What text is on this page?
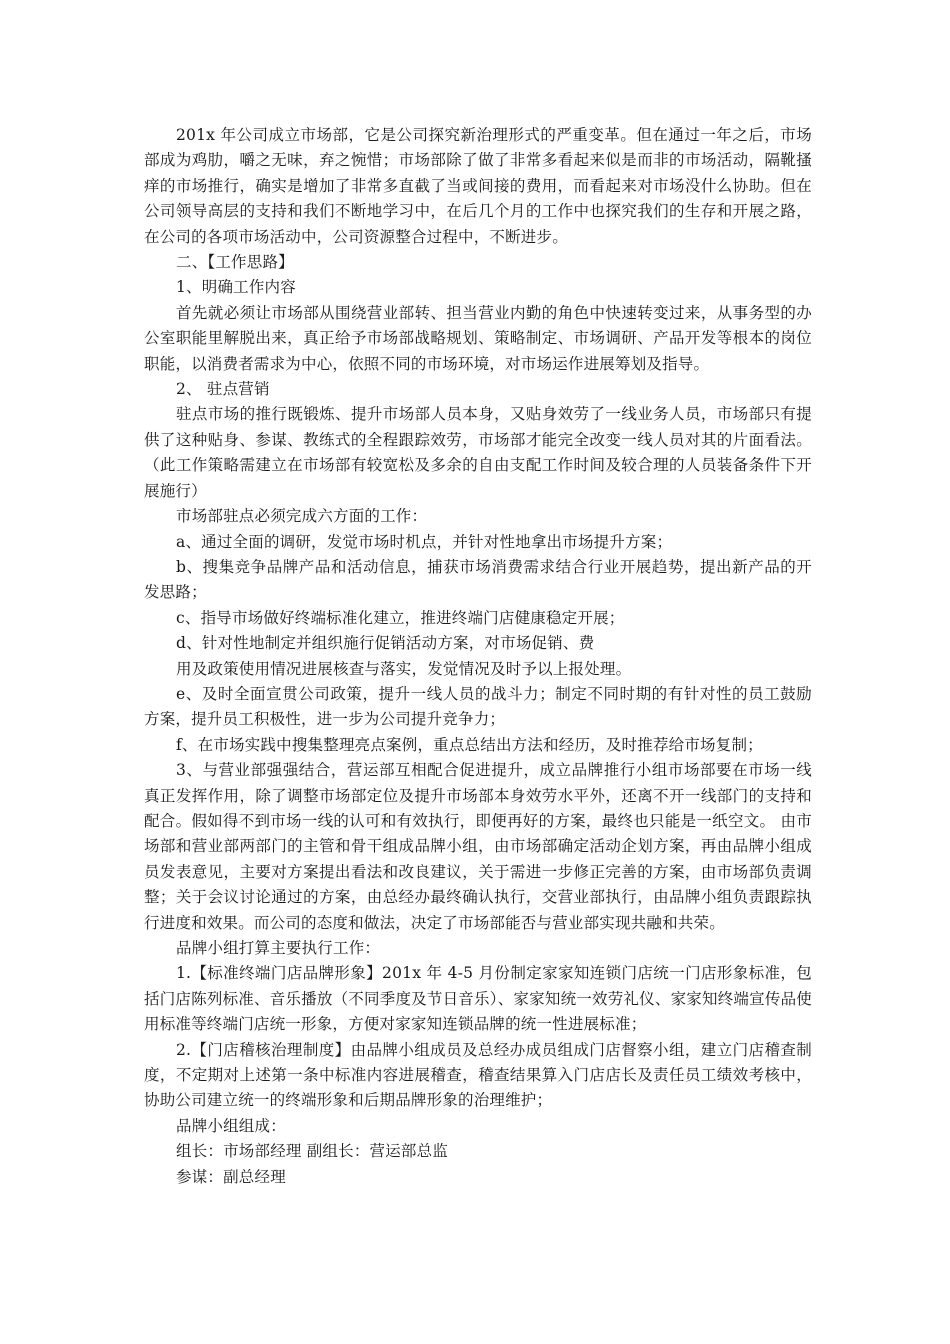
201x 年公司成立市场部，它是公司探究新治理形式的严重变革。但在通过一年之后，市场部成为鸡肋，嚼之无味，弃之惋惜；市场部除了做了非常多看起来似是而非的市场活动，隔靴搔痒的市场推行，确实是增加了非常多直截了当或间接的费用，而看起来对市场没什么协助。但在公司领导高层的支持和我们不断地学习中，在后几个月的工作中也探究我们的生存和开展之路，在公司的各项市场活动中，公司资源整合过程中，不断进步。

二、【工作思路】

1、明确工作内容

首先就必须让市场部从围绕营业部转、担当营业内勤的角色中快速转变过来，从事务型的办公室职能里解脱出来，真正给予市场部战略规划、策略制定、市场调研、产品开发等根本的岗位职能，以消费者需求为中心，依照不同的市场环境，对市场运作进展筹划及指导。

2、 驻点营销

驻点市场的推行既锻炼、提升市场部人员本身，又贴身效劳了一线业务人员，市场部只有提供了这种贴身、参谋、教练式的全程跟踪效劳，市场部才能完全改变一线人员对其的片面看法。（此工作策略需建立在市场部有较宽松及多余的自由支配工作时间及较合理的人员装备条件下开展施行）

市场部驻点必须完成六方面的工作：

a、通过全面的调研，发觉市场时机点，并针对性地拿出市场提升方案；

b、搜集竞争品牌产品和活动信息，捕获市场消费需求结合行业开展趋势，提出新产品的开发思路；

c、指导市场做好终端标准化建立，推进终端门店健康稳定开展；

d、针对性地制定并组织施行促销活动方案，对市场促销、费

用及政策使用情况进展核查与落实，发觉情况及时予以上报处理。

e、及时全面宣贯公司政策，提升一线人员的战斗力；制定不同时期的有针对性的员工鼓励方案，提升员工积极性，进一步为公司提升竞争力；

f、在市场实践中搜集整理亮点案例，重点总结出方法和经历，及时推荐给市场复制；

3、与营业部强强结合，营运部互相配合促进提升，成立品牌推行小组市场部要在市场一线真正发挥作用，除了调整市场部定位及提升市场部本身效劳水平外，还离不开一线部门的支持和配合。假如得不到市场一线的认可和有效执行，即便再好的方案，最终也只能是一纸空文。 由市场部和营业部两部门的主管和骨干组成品牌小组，由市场部确定活动企划方案，再由品牌小组成员发表意见，主要对方案提出看法和改良建议，关于需进一步修正完善的方案，由市场部负责调整；关于会议讨论通过的方案，由总经办最终确认执行，交营业部执行，由品牌小组负责跟踪执行进度和效果。而公司的态度和做法，决定了市场部能否与营业部实现共融和共荣。

品牌小组打算主要执行工作：

1.【标准终端门店品牌形象】201x 年 4-5 月份制定家家知连锁门店统一门店形象标准，包括门店陈列标准、音乐播放（不同季度及节日音乐）、家家知统一效劳礼仪、家家知终端宣传品使用标准等终端门店统一形象，方便对家家知连锁品牌的统一性进展标准；

2.【门店稽核治理制度】由品牌小组成员及总经办成员组成门店督察小组，建立门店稽查制度，不定期对上述第一条中标准内容进展稽查，稽查结果算入门店店长及责任员工绩效考核中，协助公司建立统一的终端形象和后期品牌形象的治理维护；

品牌小组组成：

组长：市场部经理 副组长：营运部总监

参谋：副总经理
